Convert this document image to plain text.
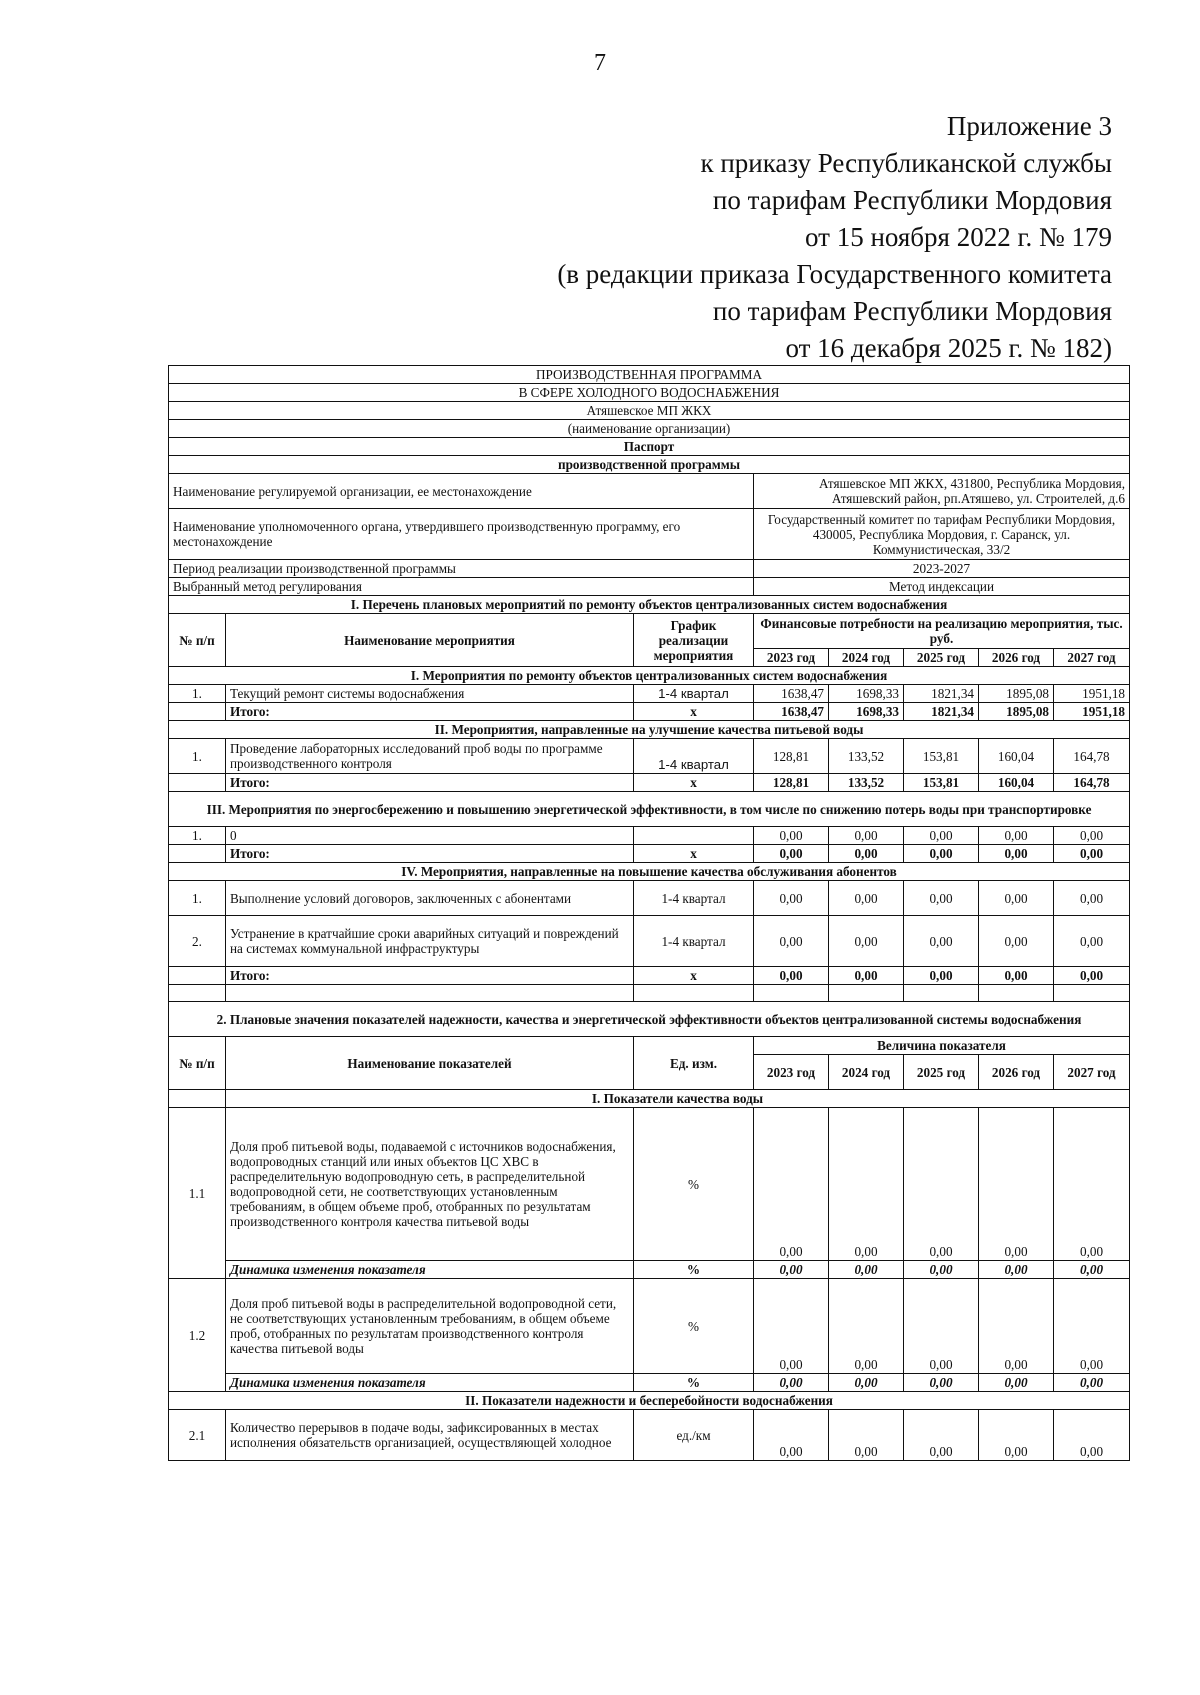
7
Приложение 3
к приказу Республиканской службы
по тарифам Республики Мордовия
от 15 ноября 2022 г. № 179
(в редакции приказа Государственного комитета
по тарифам Республики Мордовия
от 16 декабря 2025 г. № 182)
ПРОИЗВОДСТВЕННАЯ ПРОГРАММА							
В СФЕРЕ ХОЛОДНОГО ВОДОСНАБЖЕНИЯ							
Атяшевское МП ЖКХ							
(наименование организации)							
Паспорт							
производственной программы							
Наименование регулируемой организации, ее местонахождение			Атяшевское МП ЖКХ, 431800, Республика Мордовия, Атяшевский район, рп.Атяшево, ул. Строителей, д.6				
Наименование уполномоченного органа, утвердившего производственную программу, его местонахождение			Государственный комитет по тарифам Республики Мордовия, 430005, Республика Мордовия, г. Саранск, ул. Коммунистическая, 33/2				
Период реализации производственной программы			2023-2027				
Выбранный метод регулирования			Метод индексации				
I. Перечень плановых мероприятий по ремонту объектов централизованных систем водоснабжения							
№ п/п	Наименование мероприятия	График реализации мероприятия	Финансовые потребности на реализацию мероприятия, тыс. руб.				
			2023 год	2024 год	2025 год	2026 год	2027 год

I. Мероприятия по ремонту объектов централизованных систем водоснабжения							
1.	Текущий ремонт системы водоснабжения	1-4 квартал	1638,47	1698,33	1821,34	1895,08	1951,18
	Итого:	x	1638,47	1698,33	1821,34	1895,08	1951,18
II. Мероприятия, направленные на улучшение качества питьевой воды							
1.	Проведение лабораторных исследований проб воды по программе производственного контроля	1-4 квартал	128,81	133,52	153,81	160,04	164,78
	Итого:	x	128,81	133,52	153,81	160,04	164,78
III. Мероприятия по энергосбережению и повышению энергетической эффективности, в том числе по снижению потерь воды при транспортировке							
1.	0		0,00	0,00	0,00	0,00	0,00
	Итого:	x	0,00	0,00	0,00	0,00	0,00
IV. Мероприятия, направленные на повышение качества обслуживания абонентов							
1.	Выполнение условий договоров, заключенных с абонентами	1-4 квартал	0,00	0,00	0,00	0,00	0,00
2.	Устранение в кратчайшие сроки аварийных ситуаций и повреждений на системах коммунальной инфраструктуры	1-4 квартал	0,00	0,00	0,00	0,00	0,00
	Итого:	x	0,00	0,00	0,00	0,00	0,00

2. Плановые значения показателей надежности, качества и энергетической эффективности объектов централизованной системы водоснабжения							
№ п/п	Наименование показателей	Ед. изм.	Величина показателя				
			2023 год	2024 год	2025 год	2026 год	2027 год
	I. Показатели качества воды						
1.1	Доля проб питьевой воды, подаваемой с источников водоснабжения, водопроводных станций или иных объектов ЦС ХВС в распределительную водопроводную сеть, в распределительной водопроводной сети, не соответствующих установленным требованиям, в общем объеме проб, отобранных по результатам производственного контроля качества питьевой воды	%	0,00	0,00	0,00	0,00	0,00
	Динамика изменения показателя	%	0,00	0,00	0,00	0,00	0,00
1.2	Доля проб питьевой воды в распределительной водопроводной сети, не соответствующих установленным требованиям, в общем объеме проб, отобранных по результатам производственного контроля качества питьевой воды	%	0,00	0,00	0,00	0,00	0,00
	Динамика изменения показателя	%	0,00	0,00	0,00	0,00	0,00
II. Показатели надежности и бесперебойности водоснабжения							
2.1	Количество перерывов в подаче воды, зафиксированных в местах исполнения обязательств организацией, осуществляющей холодное	ед./км	0,00	0,00	0,00	0,00	0,00
